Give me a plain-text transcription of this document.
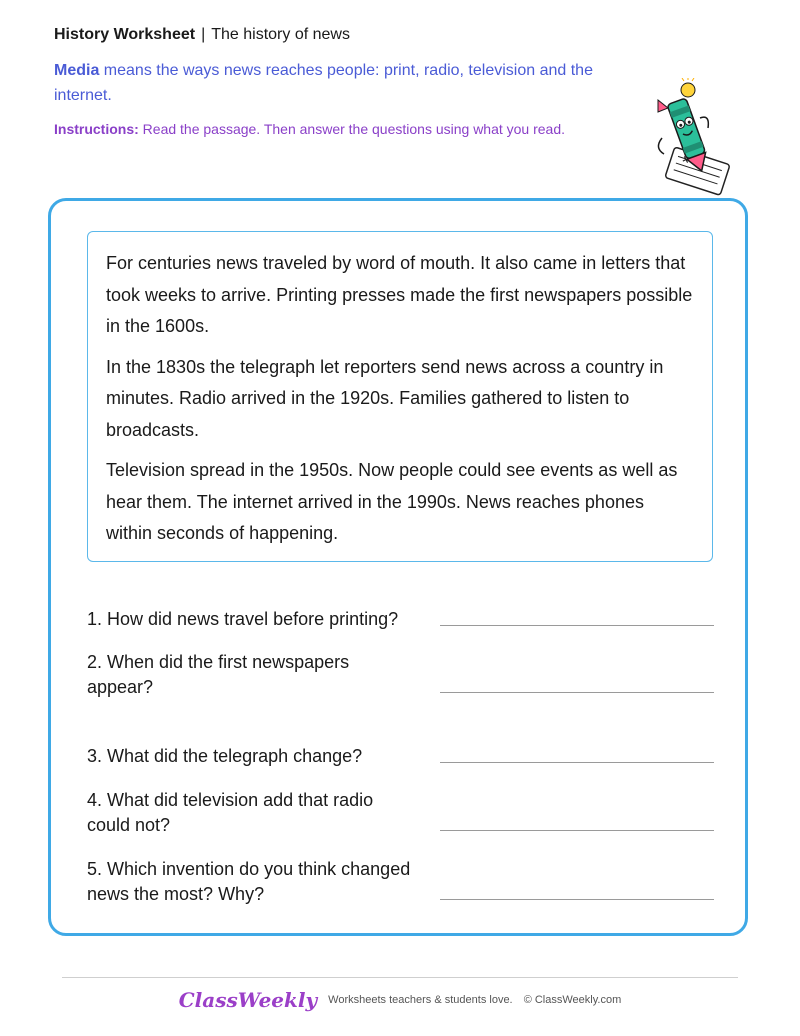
History Worksheet | The history of news
Media means the ways news reaches people: print, radio, television and the internet.
Instructions: Read the passage. Then answer the questions using what you read.

For centuries news traveled by word of mouth. It also came in letters that took weeks to arrive. Printing presses made the first newspapers possible in the 1600s.

In the 1830s the telegraph let reporters send news across a country in minutes. Radio arrived in the 1920s. Families gathered to listen to broadcasts.

Television spread in the 1950s. Now people could see events as well as hear them. The internet arrived in the 1990s. News reaches phones within seconds of happening.

1. How did news travel before printing?
2. When did the first newspapers appear?
3. What did the telegraph change?
4. What did television add that radio could not?
5. Which invention do you think changed news the most? Why?
ClassWeekly Worksheets teachers & students love. © ClassWeekly.com
